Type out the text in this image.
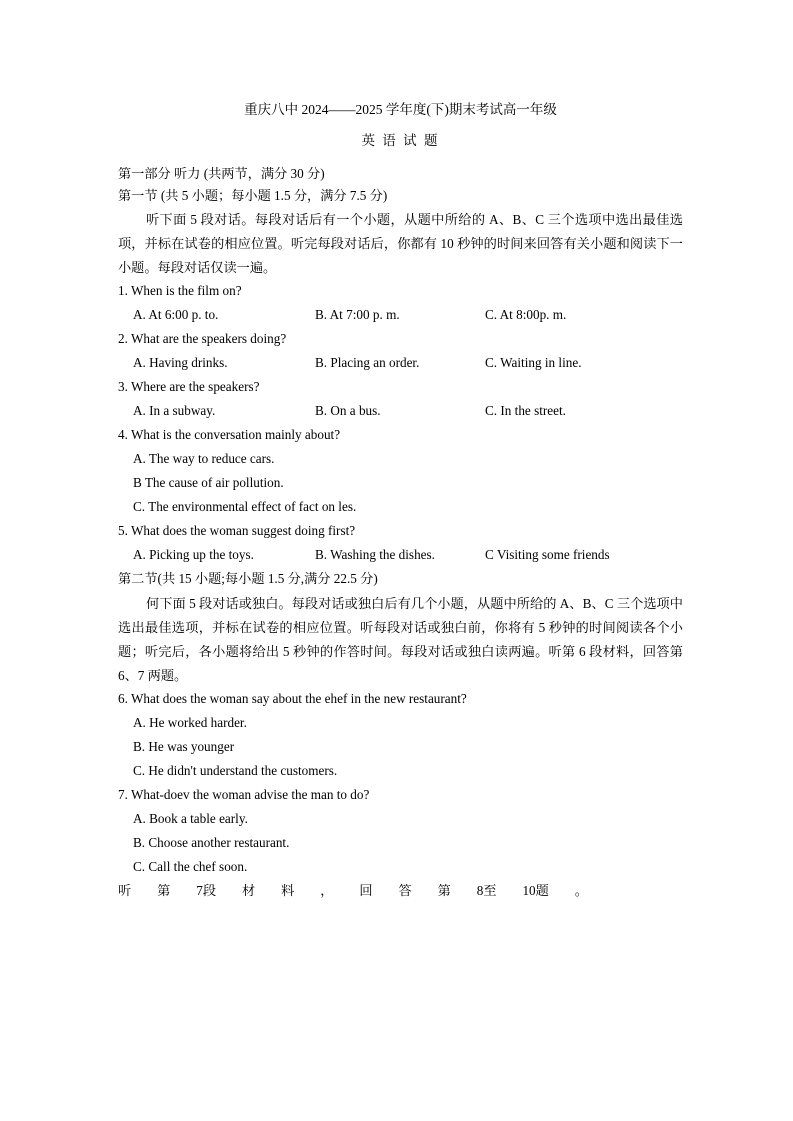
重庆八中 2024——2025 学年度(下)期末考试高一年级
英 语 试 题
第一部分 听力 (共两节，满分 30 分)
第一节 (共 5 小题；每小题 1.5 分，满分 7.5 分)
听下面 5 段对话。每段对话后有一个小题，从题中所给的 A、B、C 三个选项中选出最佳选项，并标在试卷的相应位置。听完每段对话后，你都有 10 秒钟的时间来回答有关小题和阅读下一小题。每段对话仅读一遍。
1. When is the film on?
A. At 6:00 p. to.	B. At 7:00 p. m.	C. At 8:00p. m.
2. What are the speakers doing?
A. Having drinks.	B. Placing an order.	C. Waiting in line.
3. Where are the speakers?
A. In a subway.	B. On a bus.	C. In the street.
4. What is the conversation mainly about?
A. The way to reduce cars.
B The cause of air pollution.
C. The environmental effect of fact on les.
5. What does the woman suggest doing first?
A. Picking up the toys.	B. Washing the dishes.	C Visiting some friends
第二节(共 15 小题;每小题 1.5 分,满分 22.5 分)
何下面 5 段对话或独白。每段对话或独白后有几个小题，从题中所给的 A、B、C 三个选项中选出最佳选项，并标在试卷的相应位置。听每段对话或独白前，你将有 5 秒钟的时间阅读各个小题；听完后，各小题将给出 5 秒钟的作答时间。每段对话或独白读两遍。听第 6 段材料，回答第 6、7 两题。
6. What does the woman say about the ehef in the new restaurant?
A. He worked harder.
B. He was younger
C. He didn't understand the customers.
7. What-doev the woman advise the man to do?
A. Book a table early.
B. Choose another restaurant.
C. Call the chef soon.
听 第 7段 材 料 ， 回 答 第 8至 10题 。
